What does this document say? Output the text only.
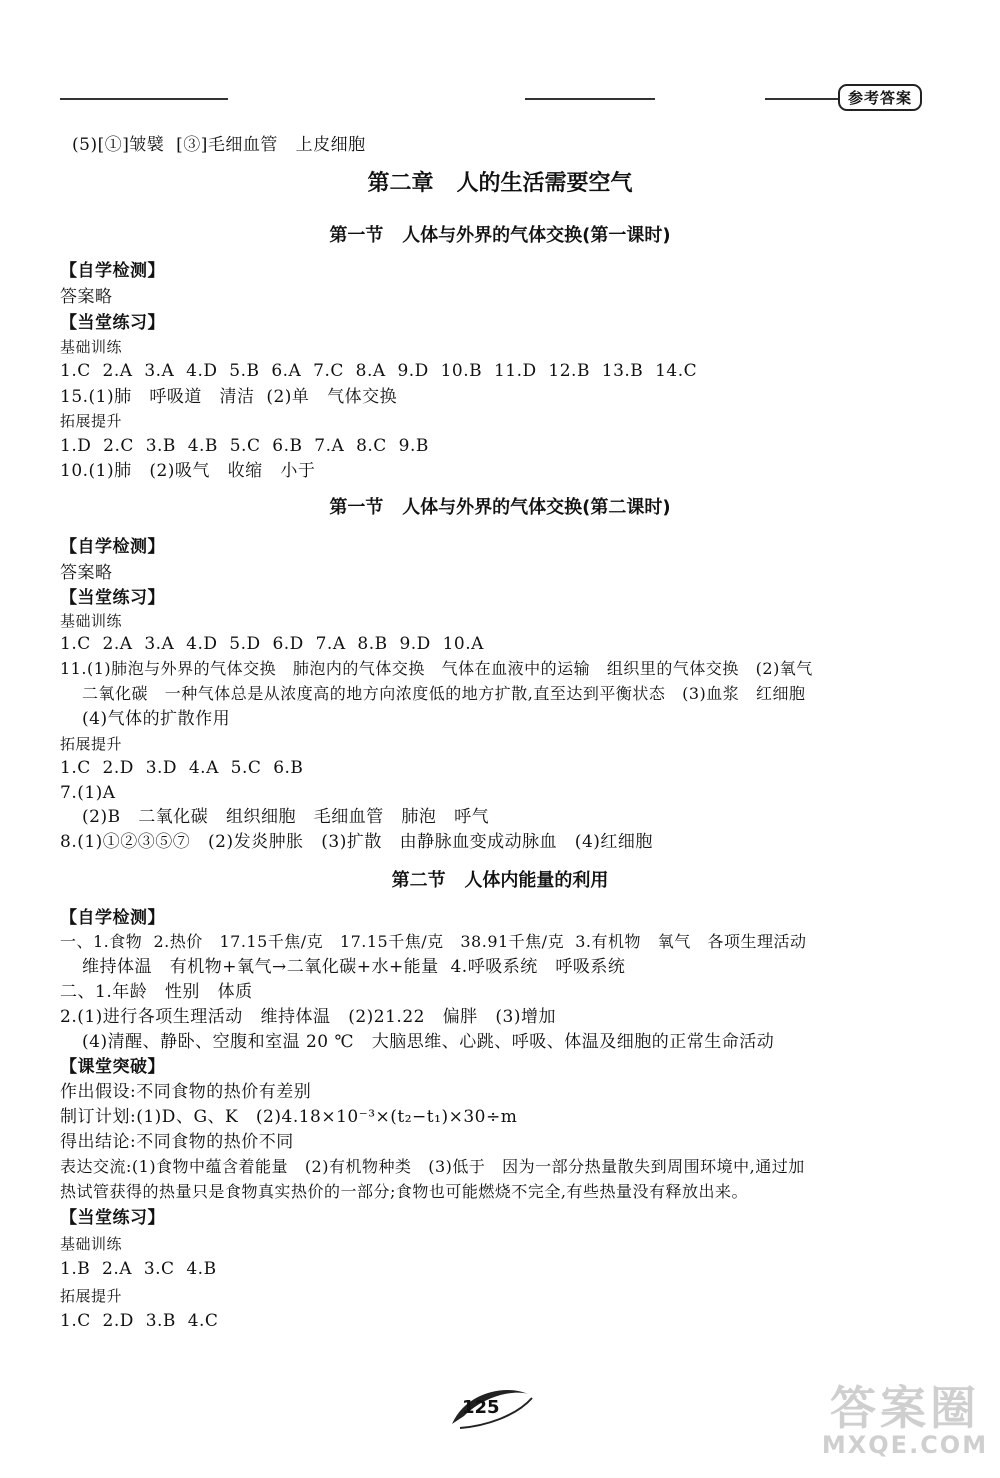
参考答案
(5)[①]皱襞  [③]毛细血管   上皮细胞
第二章   人的生活需要空气
第一节   人体与外界的气体交换(第一课时)
【自学检测】
答案略
【当堂练习】
基础训练
1.C  2.A  3.A  4.D  5.B  6.A  7.C  8.A  9.D  10.B  11.D  12.B  13.B  14.C
15.(1)肺   呼吸道   清洁  (2)单   气体交换
拓展提升
1.D  2.C  3.B  4.B  5.C  6.B  7.A  8.C  9.B
10.(1)肺   (2)吸气   收缩   小于
第一节   人体与外界的气体交换(第二课时)
【自学检测】
答案略
【当堂练习】
基础训练
1.C  2.A  3.A  4.D  5.D  6.D  7.A  8.B  9.D  10.A
11.(1)肺泡与外界的气体交换   肺泡内的气体交换   气体在血液中的运输   组织里的气体交换   (2)氧气
二氧化碳   一种气体总是从浓度高的地方向浓度低的地方扩散,直至达到平衡状态   (3)血浆   红细胞
(4)气体的扩散作用
拓展提升
1.C  2.D  3.D  4.A  5.C  6.B
7.(1)A
(2)B   二氧化碳   组织细胞   毛细血管   肺泡   呼气
8.(1)①②③⑤⑦   (2)发炎肿胀   (3)扩散   由静脉血变成动脉血   (4)红细胞
第二节   人体内能量的利用
【自学检测】
一、1.食物  2.热价   17.15千焦/克   17.15千焦/克   38.91千焦/克  3.有机物   氧气   各项生理活动
维持体温   有机物+氧气→二氧化碳+水+能量  4.呼吸系统   呼吸系统
二、1.年龄   性别   体质
2.(1)进行各项生理活动   维持体温   (2)21.22   偏胖   (3)增加
(4)清醒、静卧、空腹和室温 20 ℃   大脑思维、心跳、呼吸、体温及细胞的正常生命活动
【课堂突破】
作出假设:不同食物的热价有差别
制订计划:(1)D、G、K   (2)4.18×10⁻³×(t₂−t₁)×30÷m
得出结论:不同食物的热价不同
表达交流:(1)食物中蕴含着能量   (2)有机物种类   (3)低于   因为一部分热量散失到周围环境中,通过加
热试管获得的热量只是食物真实热价的一部分;食物也可能燃烧不完全,有些热量没有释放出来。
【当堂练习】
基础训练
1.B  2.A  3.C  4.B
拓展提升
1.C  2.D  3.B  4.C
125	答案圈
MXQE.COM
